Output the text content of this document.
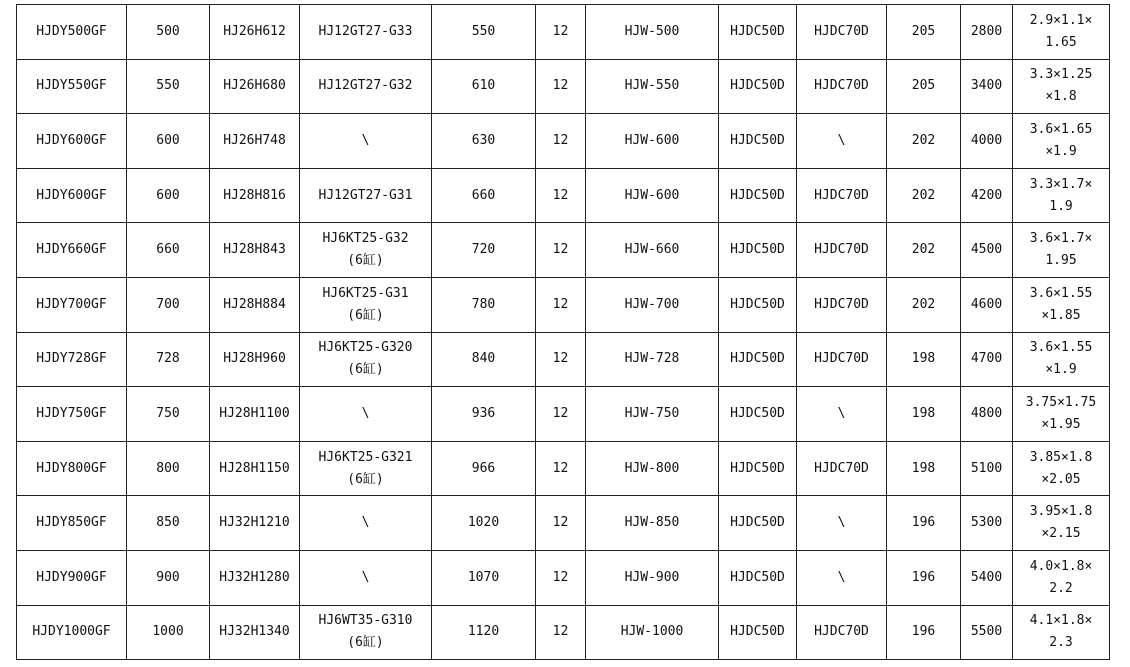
HJDY500GF	500	HJ26H612	HJ12GT27-G33	550	12	HJW-500	HJDC50D	HJDC70D	205	2800	2.9×1.1×
1.65
HJDY550GF	550	HJ26H680	HJ12GT27-G32	610	12	HJW-550	HJDC50D	HJDC70D	205	3400	3.3×1.25
×1.8
HJDY600GF	600	HJ26H748	\	630	12	HJW-600	HJDC50D	\	202	4000	3.6×1.65
×1.9
HJDY600GF	600	HJ28H816	HJ12GT27-G31	660	12	HJW-600	HJDC50D	HJDC70D	202	4200	3.3×1.7×
1.9
HJDY660GF	660	HJ28H843	HJ6KT25-G32
(6缸)	720	12	HJW-660	HJDC50D	HJDC70D	202	4500	3.6×1.7×
1.95
HJDY700GF	700	HJ28H884	HJ6KT25-G31
(6缸)	780	12	HJW-700	HJDC50D	HJDC70D	202	4600	3.6×1.55
×1.85
HJDY728GF	728	HJ28H960	HJ6KT25-G320
(6缸)	840	12	HJW-728	HJDC50D	HJDC70D	198	4700	3.6×1.55
×1.9
HJDY750GF	750	HJ28H1100	\	936	12	HJW-750	HJDC50D	\	198	4800	3.75×1.75
×1.95
HJDY800GF	800	HJ28H1150	HJ6KT25-G321
(6缸)	966	12	HJW-800	HJDC50D	HJDC70D	198	5100	3.85×1.8
×2.05
HJDY850GF	850	HJ32H1210	\	1020	12	HJW-850	HJDC50D	\	196	5300	3.95×1.8
×2.15
HJDY900GF	900	HJ32H1280	\	1070	12	HJW-900	HJDC50D	\	196	5400	4.0×1.8×
2.2
HJDY1000GF	1000	HJ32H1340	HJ6WT35-G310
(6缸)	1120	12	HJW-1000	HJDC50D	HJDC70D	196	5500	4.1×1.8×
2.3
